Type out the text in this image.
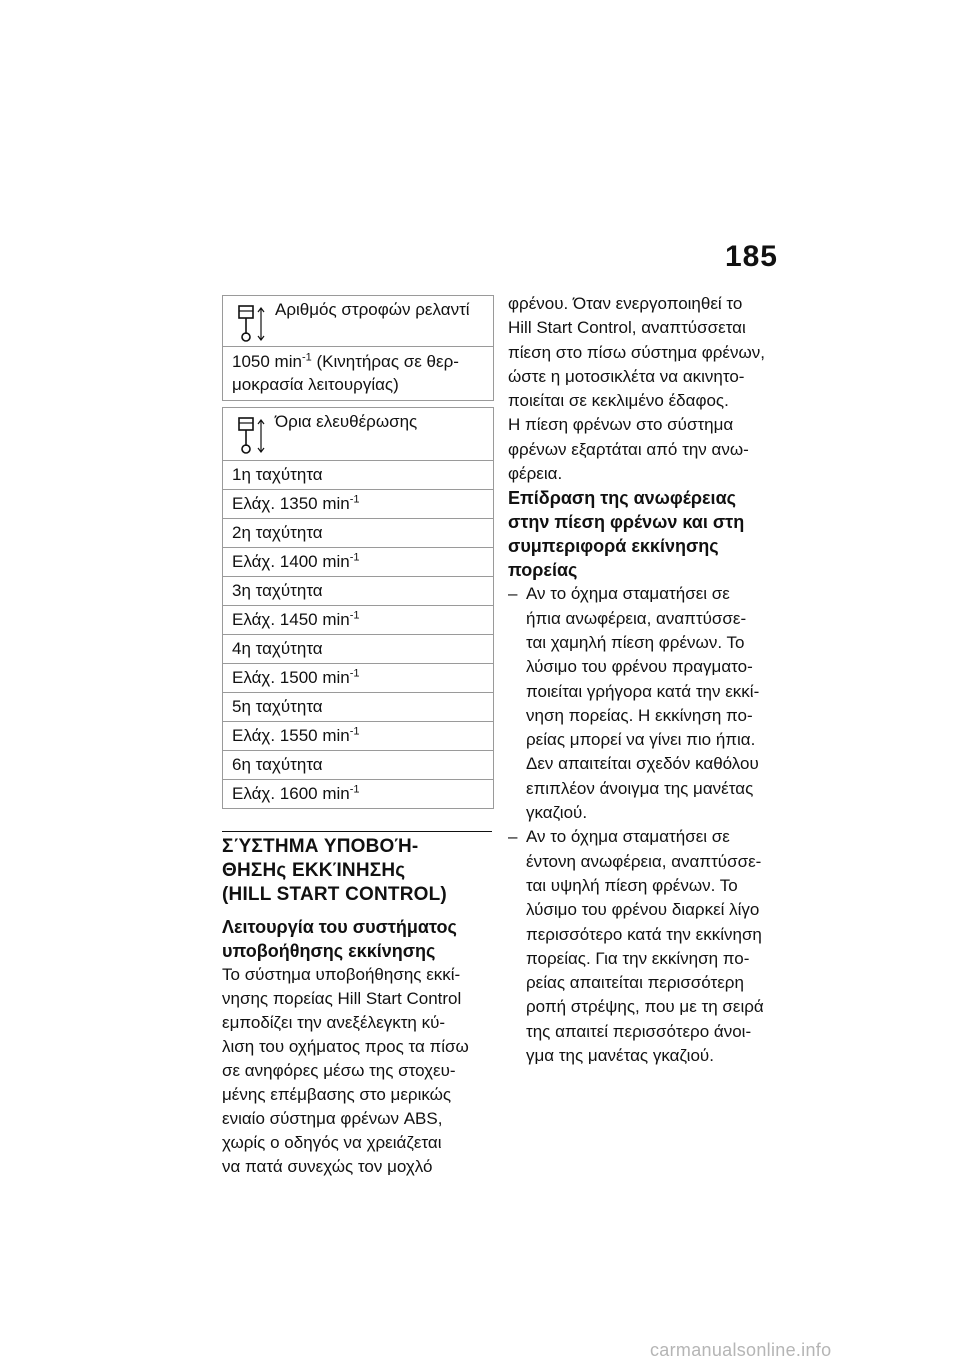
185
Αριθμός στροφών ρελαντί
1050 $\min^{-1} (K\iota\nu\eta\tau ή\rho\alpha\varsigma$ σε θερ-
μοκρασία λειτουργίας)
Όρια ελευθέρωσης
1η ταχύτητα
Ελάχ. 1350 $\min^{-1}$
2η ταχύτητα
Ελάχ. 1400 $\min^{-1}$
3η ταχύτητα
Ελάχ. 1450 $\min^{-1}$
4η ταχύτητα
Ελάχ. 1500 $\min^{-1}$
5η ταχύτητα
Ελάχ. 1550 $\min^{-1}$
6η ταχύτητα
Ελάχ. 1600 $\min^{-1}$
ΣΎΣΤΗΜΑ ΥΠΟΒΟΉ-
ΘΗΣΗς ΕΚΚΊΝΗΣΗς
(HILL START CONTROL)
Λειτουργία του συστήματος
υποβοήθησης εκκίνησης
Το σύστημα υποβοήθησης εκκί-
νησης πορείας Hill Start Control
εμποδίζει την ανεξέλεγκτη κύ-
λιση του οχήματος προς τα πίσω
σε ανηφόρες μέσω της στοχευ-
μένης επέμβασης στο μερικώς
ενιαίο σύστημα φρένων ABS,
χωρίς ο οδηγός να χρειάζεται
να πατά συνεχώς τον μοχλό
φρένου. Όταν ενεργοποιηθεί το
Hill Start Control, αναπτύσσεται
πίεση στο πίσω σύστημα φρένων,
ώστε η μοτοσικλέτα να ακινητο-
ποιείται σε κεκλιμένο έδαφος.
Η πίεση φρένων στο σύστημα
φρένων εξαρτάται από την ανω-
φέρεια.
Επίδραση της ανωφέρειας
στην πίεση φρένων και στη
συμπεριφορά εκκίνησης
πορείας
– Αν το όχημα σταματήσει σε
ήπια ανωφέρεια, αναπτύσσε-
ται χαμηλή πίεση φρένων. Το
λύσιμο του φρένου πραγματο-
ποιείται γρήγορα κατά την εκκί-
νηση πορείας. Η εκκίνηση πο-
ρείας μπορεί να γίνει πιο ήπια.
Δεν απαιτείται σχεδόν καθόλου
επιπλέον άνοιγμα της μανέτας
γκαζιού.
– Αν το όχημα σταματήσει σε
έντονη ανωφέρεια, αναπτύσσε-
ται υψηλή πίεση φρένων. Το
λύσιμο του φρένου διαρκεί λίγο
περισσότερο κατά την εκκίνηση
πορείας. Για την εκκίνηση πο-
ρείας απαιτείται περισσότερη
ροπή στρέψης, που με τη σειρά
της απαιτεί περισσότερο άνοι-
γμα της μανέτας γκαζιού.
carmanualsonline.info
